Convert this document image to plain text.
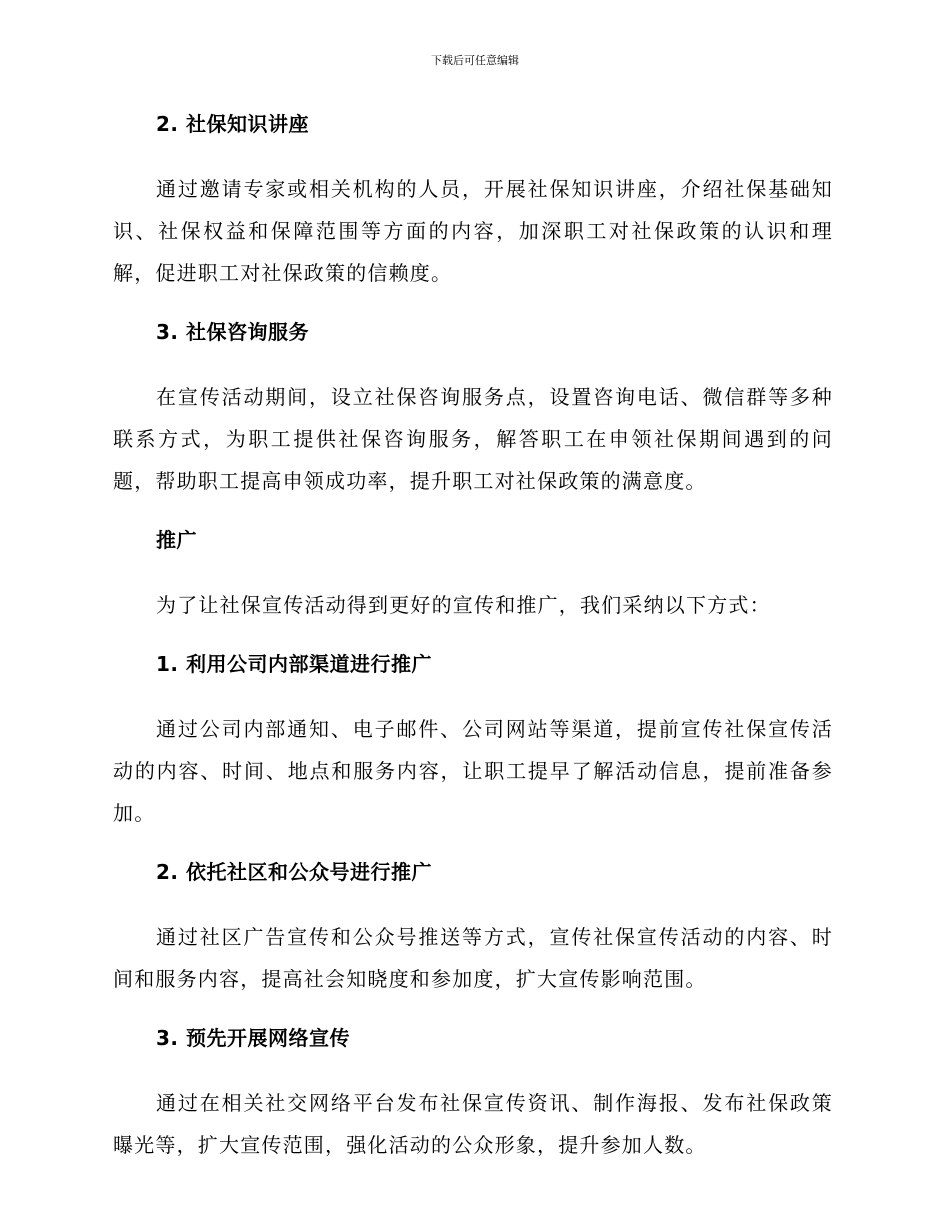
下载后可任意编辑
2. 社保知识讲座

通过邀请专家或相关机构的人员，开展社保知识讲座，介绍社保基础知识、社保权益和保障范围等方面的内容，加深职工对社保政策的认识和理解，促进职工对社保政策的信赖度。

3. 社保咨询服务

在宣传活动期间，设立社保咨询服务点，设置咨询电话、微信群等多种联系方式，为职工提供社保咨询服务，解答职工在申领社保期间遇到的问题，帮助职工提高申领成功率，提升职工对社保政策的满意度。

推广

为了让社保宣传活动得到更好的宣传和推广，我们采纳以下方式：

1. 利用公司内部渠道进行推广

通过公司内部通知、电子邮件、公司网站等渠道，提前宣传社保宣传活动的内容、时间、地点和服务内容，让职工提早了解活动信息，提前准备参加。

2. 依托社区和公众号进行推广

通过社区广告宣传和公众号推送等方式，宣传社保宣传活动的内容、时间和服务内容，提高社会知晓度和参加度，扩大宣传影响范围。

3. 预先开展网络宣传

通过在相关社交网络平台发布社保宣传资讯、制作海报、发布社保政策曝光等，扩大宣传范围，强化活动的公众形象，提升参加人数。
